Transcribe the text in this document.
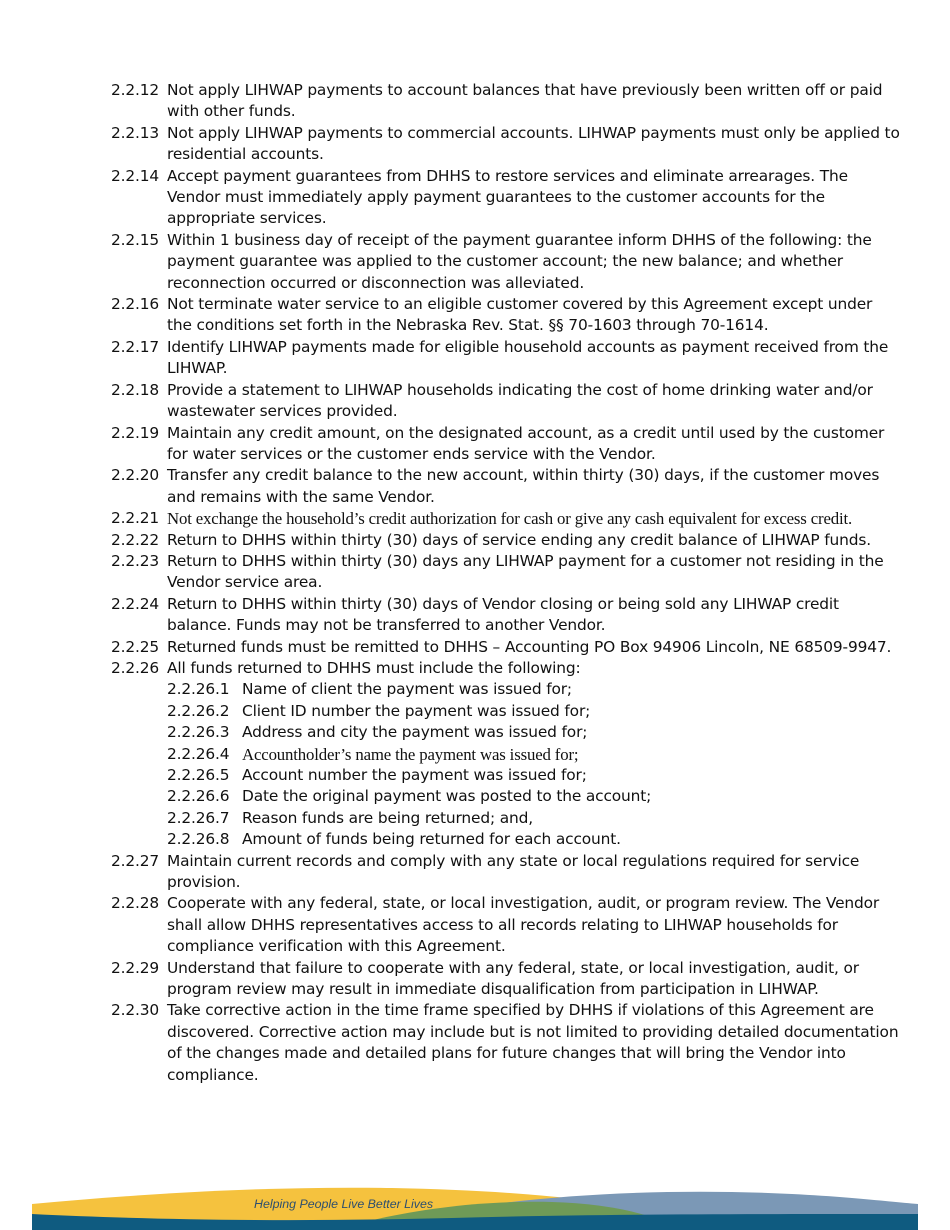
2.2.12 Not apply LIHWAP payments to account balances that have previously been written off or paid with other funds.
2.2.13 Not apply LIHWAP payments to commercial accounts. LIHWAP payments must only be applied to residential accounts.
2.2.14 Accept payment guarantees from DHHS to restore services and eliminate arrearages. The Vendor must immediately apply payment guarantees to the customer accounts for the appropriate services.
2.2.15 Within 1 business day of receipt of the payment guarantee inform DHHS of the following: the payment guarantee was applied to the customer account; the new balance; and whether reconnection occurred or disconnection was alleviated.
2.2.16 Not terminate water service to an eligible customer covered by this Agreement except under the conditions set forth in the Nebraska Rev. Stat. §§ 70-1603 through 70-1614.
2.2.17 Identify LIHWAP payments made for eligible household accounts as payment received from the LIHWAP.
2.2.18 Provide a statement to LIHWAP households indicating the cost of home drinking water and/or wastewater services provided.
2.2.19 Maintain any credit amount, on the designated account, as a credit until used by the customer for water services or the customer ends service with the Vendor.
2.2.20 Transfer any credit balance to the new account, within thirty (30) days, if the customer moves and remains with the same Vendor.
2.2.21 Not exchange the household’s credit authorization for cash or give any cash equivalent for excess credit.
2.2.22 Return to DHHS within thirty (30) days of service ending any credit balance of LIHWAP funds.
2.2.23 Return to DHHS within thirty (30) days any LIHWAP payment for a customer not residing in the Vendor service area.
2.2.24 Return to DHHS within thirty (30) days of Vendor closing or being sold any LIHWAP credit balance. Funds may not be transferred to another Vendor.
2.2.25 Returned funds must be remitted to DHHS – Accounting PO Box 94906 Lincoln, NE 68509-9947.
2.2.26 All funds returned to DHHS must include the following:
2.2.26.1 Name of client the payment was issued for;
2.2.26.2 Client ID number the payment was issued for;
2.2.26.3 Address and city the payment was issued for;
2.2.26.4 Accountholder’s name the payment was issued for;
2.2.26.5 Account number the payment was issued for;
2.2.26.6 Date the original payment was posted to the account;
2.2.26.7 Reason funds are being returned; and,
2.2.26.8 Amount of funds being returned for each account.
2.2.27 Maintain current records and comply with any state or local regulations required for service provision.
2.2.28 Cooperate with any federal, state, or local investigation, audit, or program review. The Vendor shall allow DHHS representatives access to all records relating to LIHWAP households for compliance verification with this Agreement.
2.2.29 Understand that failure to cooperate with any federal, state, or local investigation, audit, or program review may result in immediate disqualification from participation in LIHWAP.
2.2.30 Take corrective action in the time frame specified by DHHS if violations of this Agreement are discovered. Corrective action may include but is not limited to providing detailed documentation of the changes made and detailed plans for future changes that will bring the Vendor into compliance.
Helping People Live Better Lives
